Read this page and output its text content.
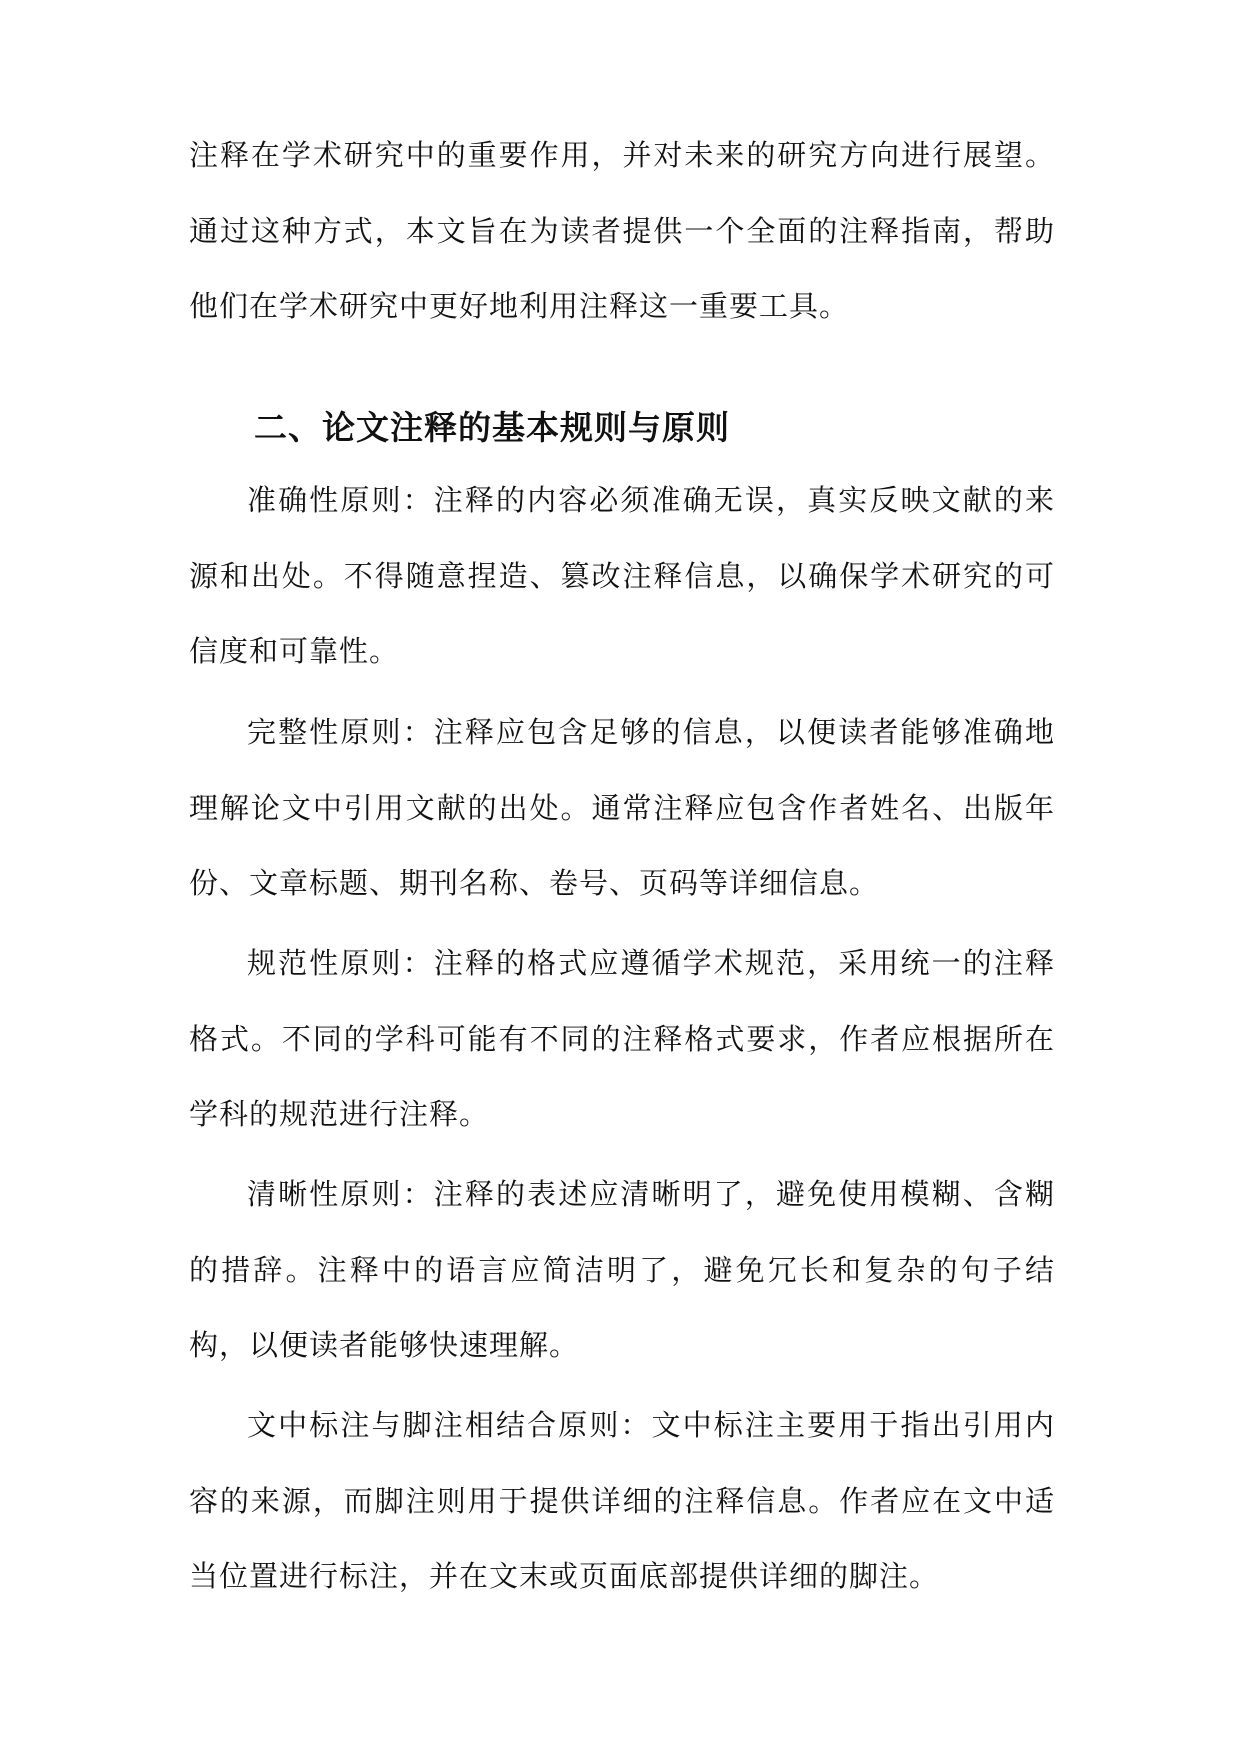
注释在学术研究中的重要作用，并对未来的研究方向进行展望。通过这种方式，本文旨在为读者提供一个全面的注释指南，帮助他们在学术研究中更好地利用注释这一重要工具。

二、论文注释的基本规则与原则

准确性原则：注释的内容必须准确无误，真实反映文献的来源和出处。不得随意捏造、篡改注释信息，以确保学术研究的可信度和可靠性。

完整性原则：注释应包含足够的信息，以便读者能够准确地理解论文中引用文献的出处。通常注释应包含作者姓名、出版年份、文章标题、期刊名称、卷号、页码等详细信息。

规范性原则：注释的格式应遵循学术规范，采用统一的注释格式。不同的学科可能有不同的注释格式要求，作者应根据所在学科的规范进行注释。

清晰性原则：注释的表述应清晰明了，避免使用模糊、含糊的措辞。注释中的语言应简洁明了，避免冗长和复杂的句子结构，以便读者能够快速理解。

文中标注与脚注相结合原则：文中标注主要用于指出引用内容的来源，而脚注则用于提供详细的注释信息。作者应在文中适当位置进行标注，并在文末或页面底部提供详细的脚注。
